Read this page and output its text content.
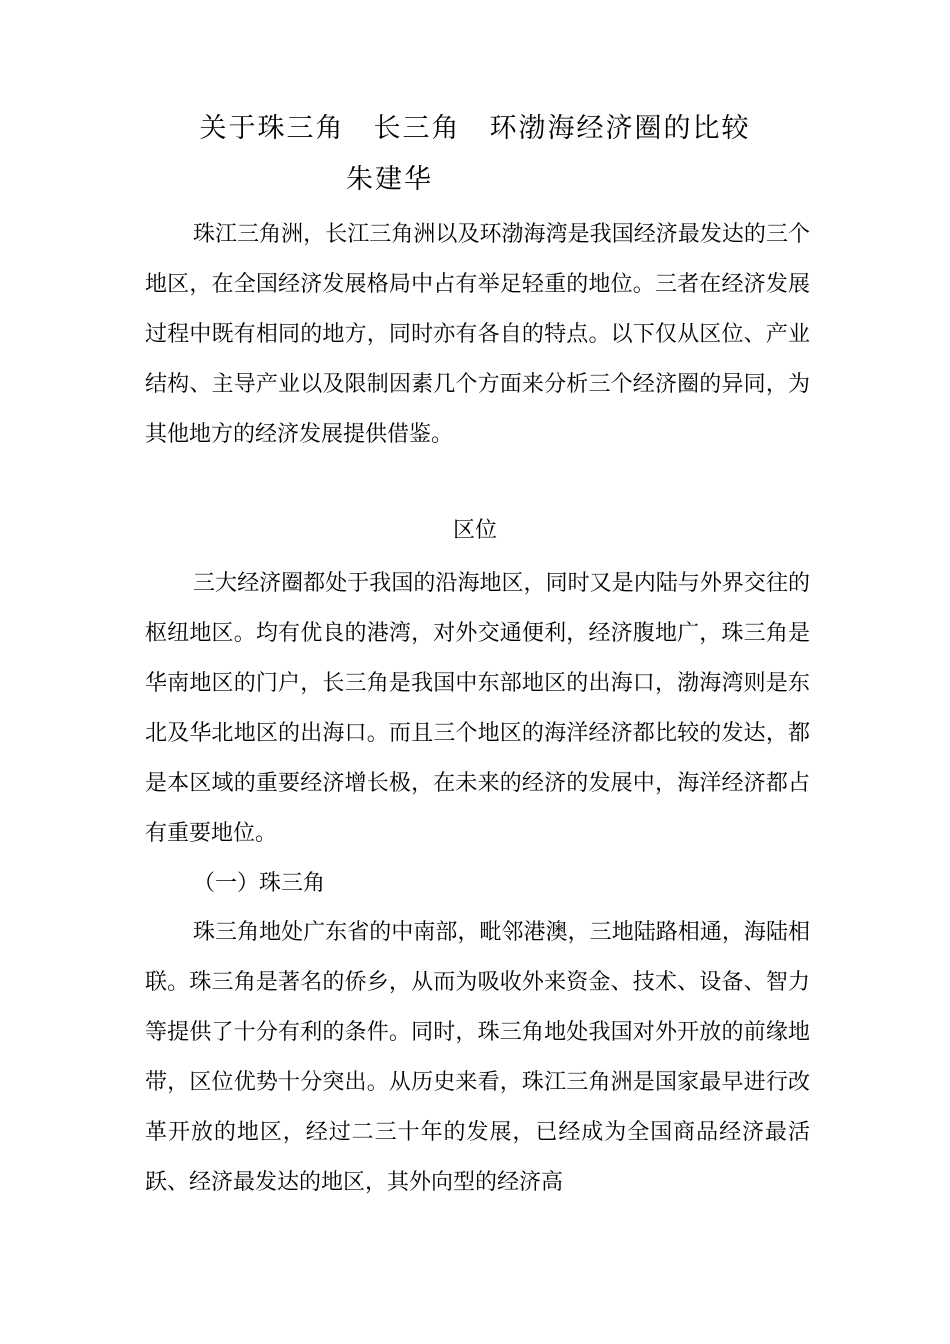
关于珠三角　长三角　环渤海经济圈的比较
朱建华

珠江三角洲，长江三角洲以及环渤海湾是我国经济最发达的三个地区，在全国经济发展格局中占有举足轻重的地位。三者在经济发展过程中既有相同的地方，同时亦有各自的特点。以下仅从区位、产业结构、主导产业以及限制因素几个方面来分析三个经济圈的异同，为其他地方的经济发展提供借鉴。

区位

三大经济圈都处于我国的沿海地区，同时又是内陆与外界交往的枢纽地区。均有优良的港湾，对外交通便利，经济腹地广，珠三角是华南地区的门户，长三角是我国中东部地区的出海口，渤海湾则是东北及华北地区的出海口。而且三个地区的海洋经济都比较的发达，都是本区域的重要经济增长极，在未来的经济的发展中，海洋经济都占有重要地位。

（一）珠三角

珠三角地处广东省的中南部，毗邻港澳，三地陆路相通，海陆相联。珠三角是著名的侨乡，从而为吸收外来资金、技术、设备、智力等提供了十分有利的条件。同时，珠三角地处我国对外开放的前缘地带，区位优势十分突出。从历史来看，珠江三角洲是国家最早进行改革开放的地区，经过二三十年的发展，已经成为全国商品经济最活跃、经济最发达的地区，其外向型的经济高
